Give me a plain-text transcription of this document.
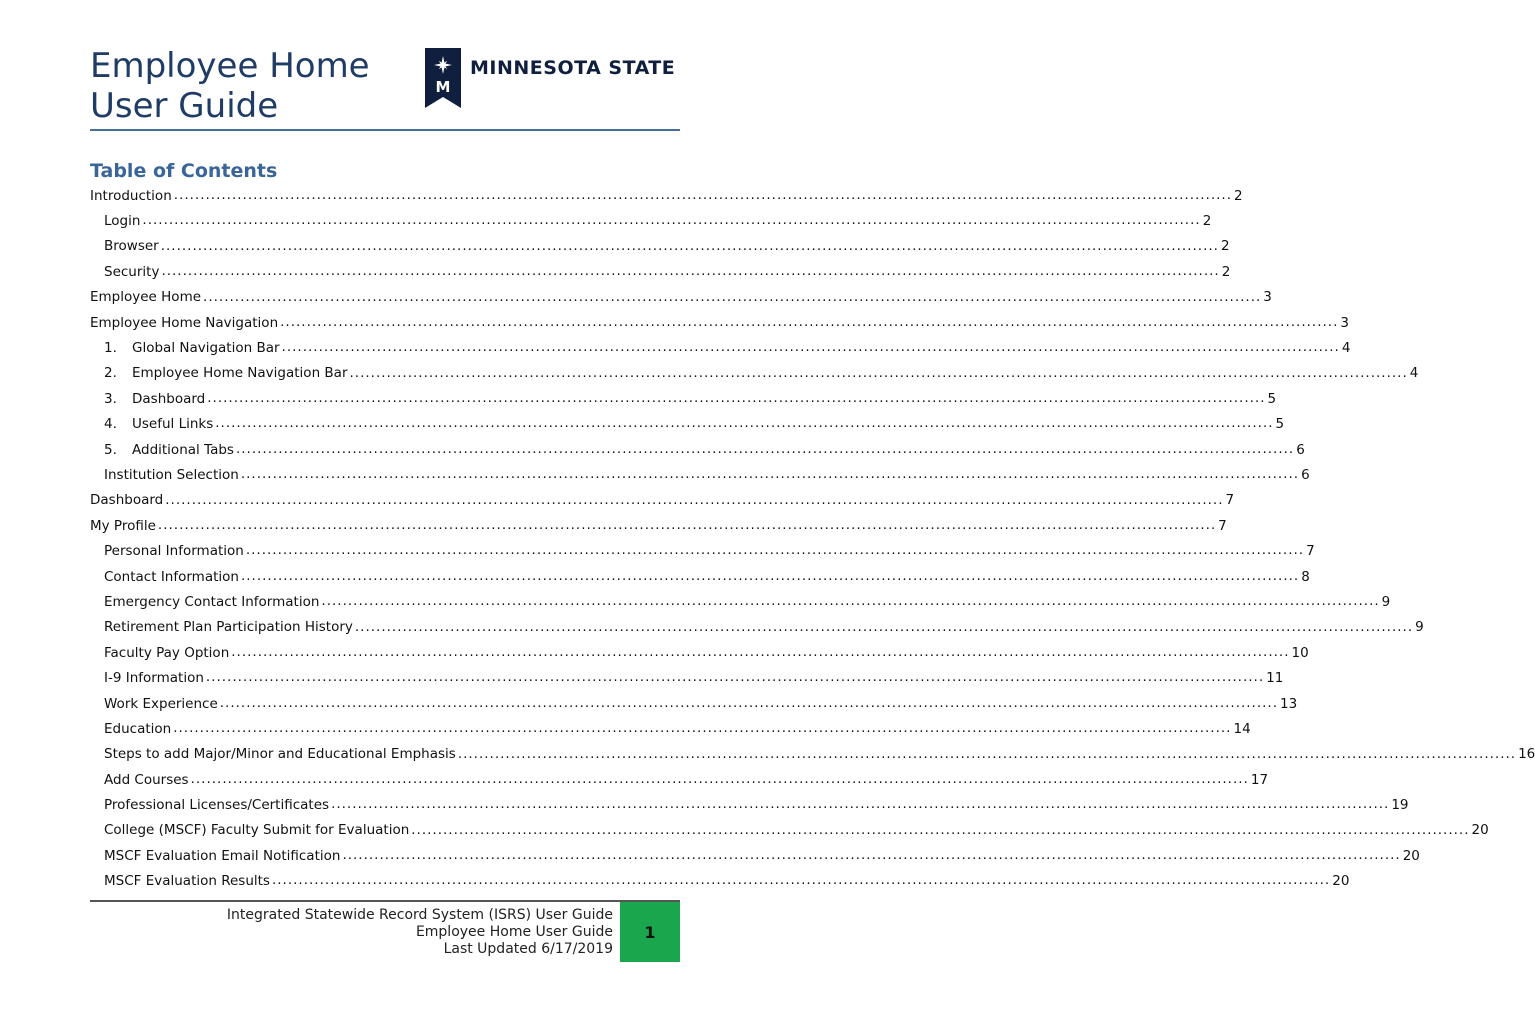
Employee Home
User Guide	M
MINNESOTA STATE
Table of Contents
Introduction ........................................................................................................................................................................................................ 2
Login ........................................................................................................................................................................................................ 2
Browser ........................................................................................................................................................................................................ 2
Security ........................................................................................................................................................................................................ 2
Employee Home ........................................................................................................................................................................................................ 3
Employee Home Navigation ........................................................................................................................................................................................................ 3
1.	Global Navigation Bar ........................................................................................................................................................................................................ 4
2.	Employee Home Navigation Bar ........................................................................................................................................................................................................ 4
3.	Dashboard ........................................................................................................................................................................................................ 5
4.	Useful Links ........................................................................................................................................................................................................ 5
5.	Additional Tabs ........................................................................................................................................................................................................ 6
Institution Selection ........................................................................................................................................................................................................ 6
Dashboard ........................................................................................................................................................................................................ 7
My Profile ........................................................................................................................................................................................................ 7
Personal Information ........................................................................................................................................................................................................ 7
Contact Information ........................................................................................................................................................................................................ 8
Emergency Contact Information ........................................................................................................................................................................................................ 9
Retirement Plan Participation History ........................................................................................................................................................................................................ 9
Faculty Pay Option ........................................................................................................................................................................................................ 10
I-9 Information ........................................................................................................................................................................................................ 11
Work Experience ........................................................................................................................................................................................................ 13
Education ........................................................................................................................................................................................................ 14
Steps to add Major/Minor and Educational Emphasis ........................................................................................................................................................................................................ 16
Add Courses ........................................................................................................................................................................................................ 17
Professional Licenses/Certificates ........................................................................................................................................................................................................ 19
College (MSCF) Faculty Submit for Evaluation ........................................................................................................................................................................................................ 20
MSCF Evaluation Email Notification ........................................................................................................................................................................................................ 20
MSCF Evaluation Results ........................................................................................................................................................................................................ 20
Integrated Statewide Record System (ISRS) User Guide
Employee Home User Guide
Last Updated 6/17/2019
1
